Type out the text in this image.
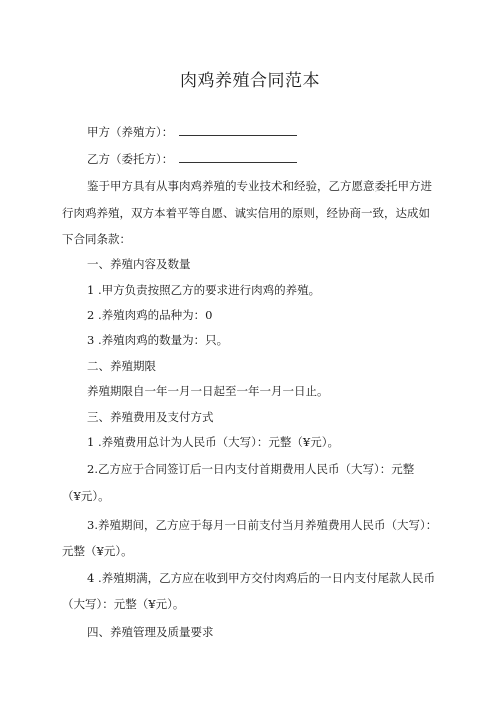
肉鸡养殖合同范本
甲方（养殖方）：
乙方（委托方）：
鉴于甲方具有从事肉鸡养殖的专业技术和经验，乙方愿意委托甲方进
行肉鸡养殖，双方本着平等自愿、诚实信用的原则，经协商一致，达成如
下合同条款：
一、养殖内容及数量
1 .甲方负责按照乙方的要求进行肉鸡的养殖。
2 .养殖肉鸡的品种为：0
3 .养殖肉鸡的数量为：只。
二、养殖期限
养殖期限自一年一月一日起至一年一月一日止。
三、养殖费用及支付方式
1 .养殖费用总计为人民币（大写）：元整（¥元）。
2.乙方应于合同签订后一日内支付首期费用人民币（大写）：元整
（¥元）。
3.养殖期间，乙方应于每月一日前支付当月养殖费用人民币（大写）：
元整（¥元）。
4 .养殖期满，乙方应在收到甲方交付肉鸡后的一日内支付尾款人民币
（大写）：元整（¥元）。
四、养殖管理及质量要求
